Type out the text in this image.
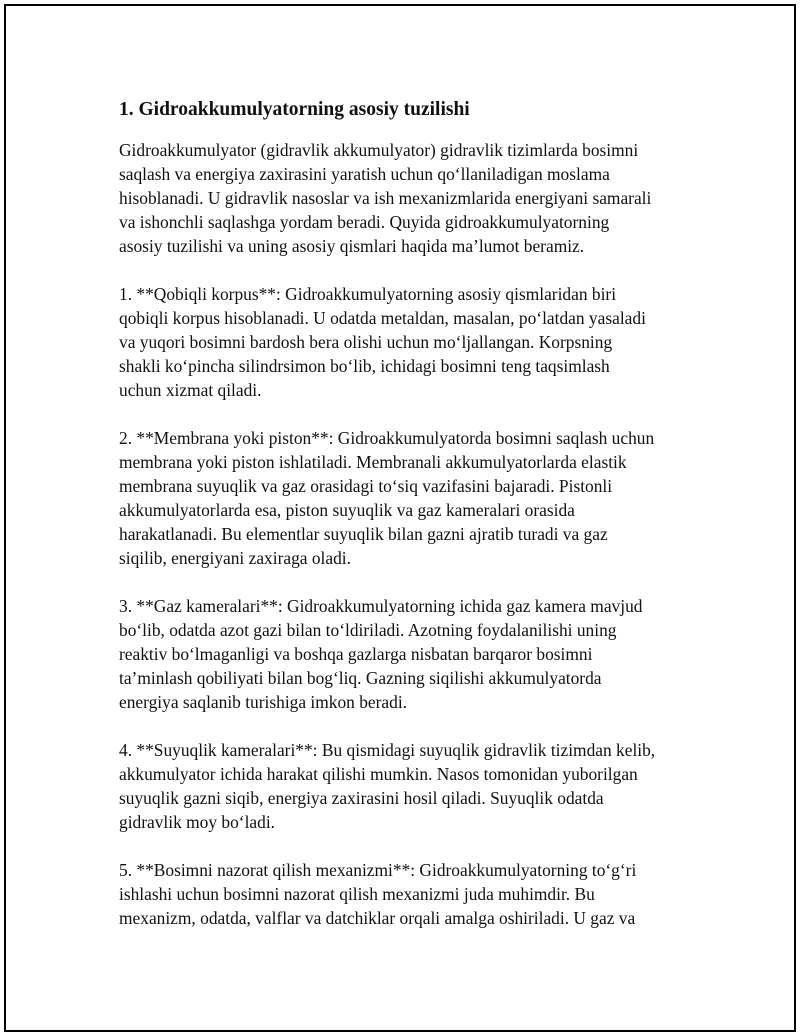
1. Gidroakkumulyatorning asosiy tuzilishi

Gidroakkumulyator (gidravlik akkumulyator) gidravlik tizimlarda bosimni
saqlash va energiya zaxirasini yaratish uchun qo‘llaniladigan moslama
hisoblanadi. U gidravlik nasoslar va ish mexanizmlarida energiyani samarali
va ishonchli saqlashga yordam beradi. Quyida gidroakkumulyatorning
asosiy tuzilishi va uning asosiy qismlari haqida ma’lumot beramiz.

1. **Qobiqli korpus**: Gidroakkumulyatorning asosiy qismlaridan biri
qobiqli korpus hisoblanadi. U odatda metaldan, masalan, po‘latdan yasaladi
va yuqori bosimni bardosh bera olishi uchun mo‘ljallangan. Korpsning
shakli ko‘pincha silindrsimon bo‘lib, ichidagi bosimni teng taqsimlash
uchun xizmat qiladi.

2. **Membrana yoki piston**: Gidroakkumulyatorda bosimni saqlash uchun
membrana yoki piston ishlatiladi. Membranali akkumulyatorlarda elastik
membrana suyuqlik va gaz orasidagi to‘siq vazifasini bajaradi. Pistonli
akkumulyatorlarda esa, piston suyuqlik va gaz kameralari orasida
harakatlanadi. Bu elementlar suyuqlik bilan gazni ajratib turadi va gaz
siqilib, energiyani zaxiraga oladi.

3. **Gaz kameralari**: Gidroakkumulyatorning ichida gaz kamera mavjud
bo‘lib, odatda azot gazi bilan to‘ldiriladi. Azotning foydalanilishi uning
reaktiv bo‘lmaganligi va boshqa gazlarga nisbatan barqaror bosimni
ta’minlash qobiliyati bilan bog‘liq. Gazning siqilishi akkumulyatorda
energiya saqlanib turishiga imkon beradi.

4. **Suyuqlik kameralari**: Bu qismidagi suyuqlik gidravlik tizimdan kelib,
akkumulyator ichida harakat qilishi mumkin. Nasos tomonidan yuborilgan
suyuqlik gazni siqib, energiya zaxirasini hosil qiladi. Suyuqlik odatda
gidravlik moy bo‘ladi.

5. **Bosimni nazorat qilish mexanizmi**: Gidroakkumulyatorning to‘g‘ri
ishlashi uchun bosimni nazorat qilish mexanizmi juda muhimdir. Bu
mexanizm, odatda, valflar va datchiklar orqali amalga oshiriladi. U gaz va
